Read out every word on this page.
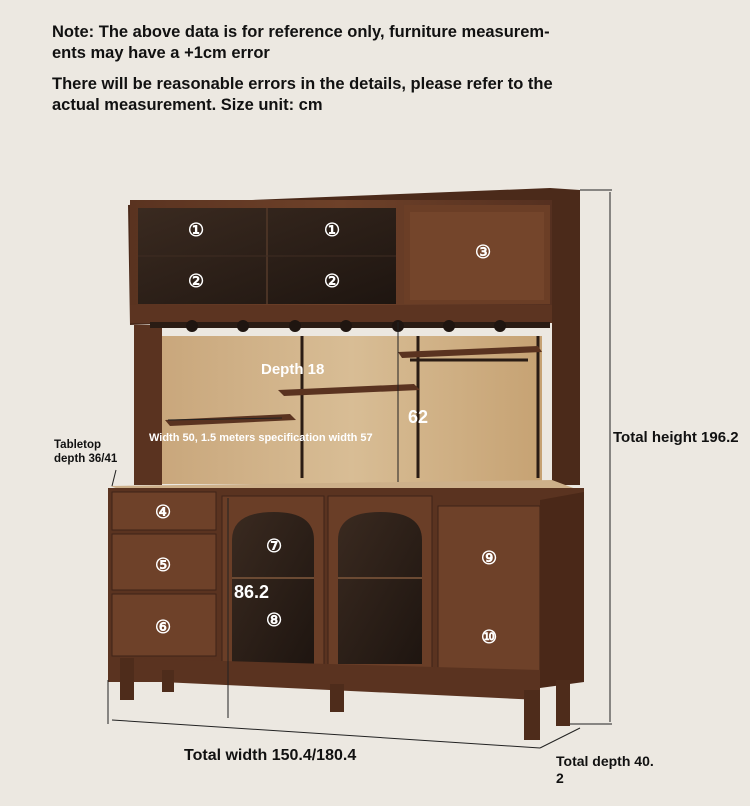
Note: The above data is for reference only, furniture measurem-
ents may have a +1cm error
There will be reasonable errors in the details, please refer to the
actual measurement. Size unit: cm
①	①
②	②
③
④
⑤
⑥
⑦
⑧
⑨
⑩
Depth 18
62
Width 50, 1.5 meters specification width 57
Tabletop
depth 36/41
86.2
Total height 196.2
Total width 150.4/180.4	Total depth 40.
2
